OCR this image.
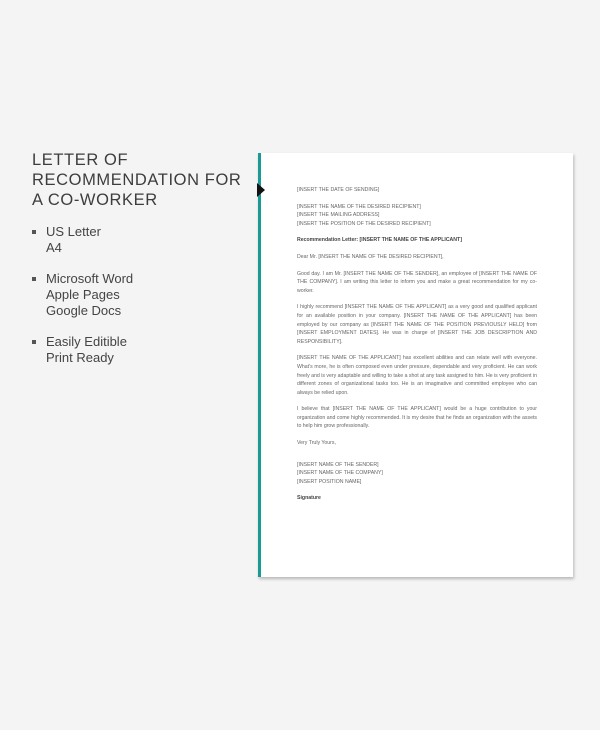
LETTER OF
RECOMMENDATION FOR
A CO-WORKER
US Letter
A4
Microsoft Word
Apple Pages
Google Docs
Easily Editible
Print Ready
[INSERT THE DATE OF SENDING]
[INSERT THE NAME OF THE DESIRED RECIPIENT]
[INSERT THE MAILING ADDRESS]
[INSERT THE POSITION OF THE DESIRED RECIPIENT]
Recommendation Letter: [INSERT THE NAME OF THE APPLICANT]
Dear Mr. [INSERT THE NAME OF THE DESIRED RECIPIENT],

Good day. I am Mr. [INSERT THE NAME OF THE SENDER], an employee of [INSERT THE NAME OF THE COMPANY]. I am writing this letter to inform you and make a great recommendation for my co-worker.

I highly recommend [INSERT THE NAME OF THE APPLICANT] as a very good and qualified applicant for an available position in your company. [INSERT THE NAME OF THE APPLICANT] has been employed by our company as [INSERT THE NAME OF THE POSITION PREVIOUSLY HELD] from [INSERT EMPLOYMENT DATES]. He was in charge of [INSERT THE JOB DESCRIPTION AND RESPONSIBILITY].

[INSERT THE NAME OF THE APPLICANT] has excellent abilities and can relate well with everyone. What's more, he is often composed even under pressure, dependable and very proficient. He can work freely and is very adaptable and willing to take a shot at any task assigned to him. He is very proficient in different zones of organizational tasks too. He is an imaginative and committed employee who can always be relied upon.

I believe that [INSERT THE NAME OF THE APPLICANT] would be a huge contribution to your organization and come highly recommended. It is my desire that he finds an organization with the assets to help him grow professionally.

Very Truly Yours,
[INSERT NAME OF THE SENDER]
[INSERT NAME OF THE COMPANY]
[INSERT POSITION NAME]
Signature
